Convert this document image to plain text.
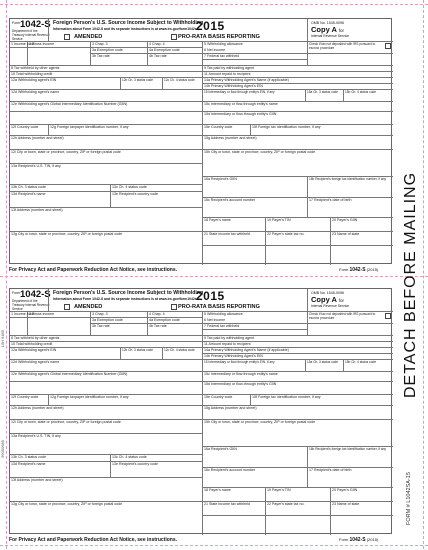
DETACH BEFORE MAILING
FORM # L1042SA-15
10H 6485
99000685
Form 1042-S
Department of the Treasury Internal Revenue Service
Foreign Person's U.S. Source Income Subject to Withholding
Information about Form 1042-S and its separate instructions is at www.irs.gov/form1042s.
AMENDED
2015
PRO-RATA BASIS REPORTING
OMB No. 1545-0096
Copy A for
Internal Revenue Service
1 Income code
2 Gross income	3 Chap. 3	4 Chap. 4
3a Exemption code	4a Exemption code
3b Tax rate	4b Tax rate
5 Withholding allowance
6 Net income
7 Federal tax withheld
Check if tax not deposited with IRS pursuant to escrow procedure
8 Tax withheld by other agents	9 Tax paid by withholding agent
10 Total withholding credit	11 Amount repaid to recipient
12a Withholding agent's EIN	12b Ch. 3 status code	12c Ch. 4 status code	14a Primary Withholding Agent's Name (if applicable)
14b Primary Withholding Agent's EIN
12d Withholding agent's name	15 Intermediary or flow-through entity's EIN, if any	15a Ch. 3 status code 15b Ch. 4 status code
12e Withholding agent's Global Intermediary Identification Number (GIIN)	15c Intermediary or flow-through entity's name
15d Intermediary or flow-through entity's GIIN
12f Country code	12g Foreign taxpayer identification number, if any	15e Country code	15f Foreign tax identification number, if any
12h Address (number and street)	15g Address (number and street)
12i City or town, state or province, country, ZIP or foreign postal code	15h City or town, state or province, country, ZIP or foreign postal code
13a Recipient's U.S. TIN, if any
16a Recipient's GIIN	16b Recipient's foreign tax identification number, if any
13b Ch. 3 status code	13c Ch. 4 status code
13d Recipient's name	13e Recipient's country code
16c Recipient's account number	17 Recipient's date of birth
13f Address (number and street)
18 Payer's name	19 Payer's TIN	20 Payer's GIIN
13g City or town, state or province, country, ZIP or foreign postal code	21 State income tax withheld	22 Payer's state tax no.	23 Name of state
For Privacy Act and Paperwork Reduction Act Notice, see instructions.	Form 1042-S (2015)
Form 1042-S
Department of the Treasury Internal Revenue Service
Foreign Person's U.S. Source Income Subject to Withholding
Information about Form 1042-S and its separate instructions is at www.irs.gov/form1042s.
AMENDED
2015
PRO-RATA BASIS REPORTING
OMB No. 1545-0096
Copy A for
Internal Revenue Service
1 Income code
2 Gross income	3 Chap. 3	4 Chap. 4
3a Exemption code	4a Exemption code
3b Tax rate	4b Tax rate
5 Withholding allowance
6 Net income
7 Federal tax withheld
Check if tax not deposited with IRS pursuant to escrow procedure
8 Tax withheld by other agents	9 Tax paid by withholding agent
10 Total withholding credit	11 Amount repaid to recipient
12a Withholding agent's EIN	12b Ch. 3 status code	12c Ch. 4 status code	14a Primary Withholding Agent's Name (if applicable)
14b Primary Withholding Agent's EIN
12d Withholding agent's name	15 Intermediary or flow-through entity's EIN, if any	15a Ch. 3 status code 15b Ch. 4 status code
12e Withholding agent's Global Intermediary Identification Number (GIIN)	15c Intermediary or flow-through entity's name
15d Intermediary or flow-through entity's GIIN
12f Country code	12g Foreign taxpayer identification number, if any	15e Country code	15f Foreign tax identification number, if any
12h Address (number and street)	15g Address (number and street)
12i City or town, state or province, country, ZIP or foreign postal code	15h City or town, state or province, country, ZIP or foreign postal code
13a Recipient's U.S. TIN, if any
16a Recipient's GIIN	16b Recipient's foreign tax identification number, if any
13b Ch. 3 status code	13c Ch. 4 status code
13d Recipient's name	13e Recipient's country code
16c Recipient's account number	17 Recipient's date of birth
13f Address (number and street)
18 Payer's name	19 Payer's TIN	20 Payer's GIIN
13g City or town, state or province, country, ZIP or foreign postal code	21 State income tax withheld	22 Payer's state tax no.	23 Name of state
For Privacy Act and Paperwork Reduction Act Notice, see instructions.	Form 1042-S (2015)
